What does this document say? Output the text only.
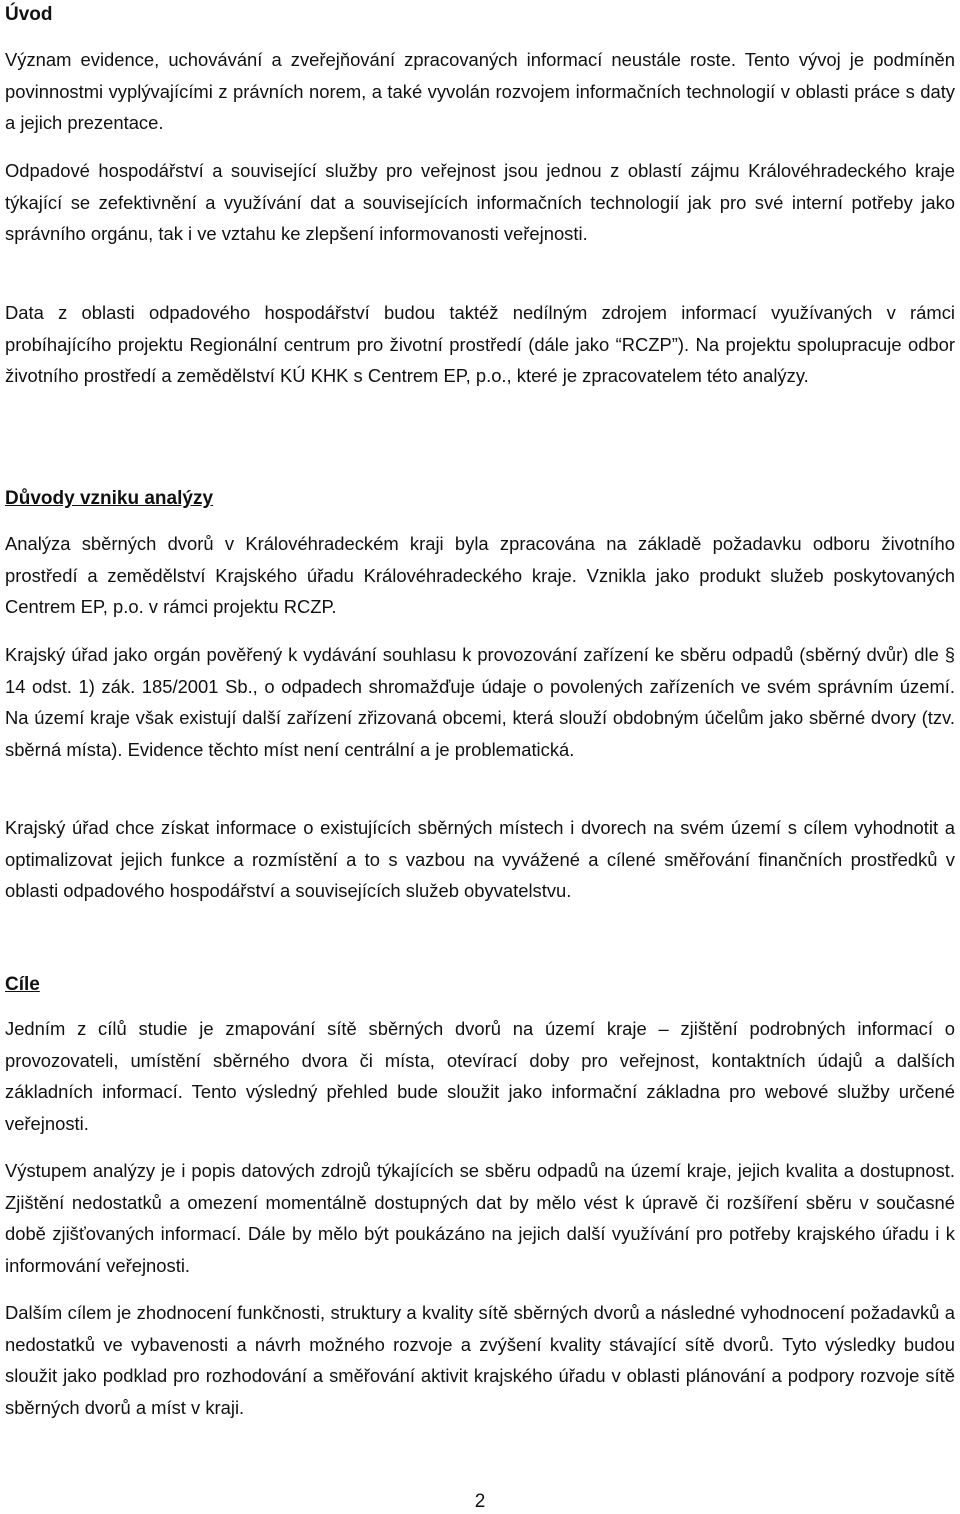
Úvod

Význam evidence, uchovávání a zveřejňování zpracovaných informací neustále roste. Tento vývoj je podmíněn povinnostmi vyplývajícími z právních norem, a také vyvolán rozvojem informačních technologií v oblasti práce s daty a jejich prezentace.

Odpadové hospodářství a související služby pro veřejnost jsou jednou z oblastí zájmu Královéhradeckého kraje týkající se zefektivnění a využívání dat a souvisejících informačních technologií jak pro své interní potřeby jako správního orgánu, tak i ve vztahu ke zlepšení informovanosti veřejnosti.

Data z oblasti odpadového hospodářství budou taktéž nedílným zdrojem informací využívaných v rámci probíhajícího projektu Regionální centrum pro životní prostředí (dále jako “RCZP”). Na projektu spolupracuje odbor životního prostředí a zemědělství KÚ KHK s Centrem EP, p.o., které je zpracovatelem této analýzy.

Důvody vzniku analýzy

Analýza sběrných dvorů v Královéhradeckém kraji byla zpracována na základě požadavku odboru životního prostředí a zemědělství Krajského úřadu Královéhradeckého kraje. Vznikla jako produkt služeb poskytovaných Centrem EP, p.o. v rámci projektu RCZP.

Krajský úřad jako orgán pověřený k vydávání souhlasu k provozování zařízení ke sběru odpadů (sběrný dvůr) dle § 14 odst. 1) zák. 185/2001 Sb., o odpadech shromažďuje údaje o povolených zařízeních ve svém správním území. Na území kraje však existují další zařízení zřizovaná obcemi, která slouží obdobným účelům jako sběrné dvory (tzv. sběrná místa). Evidence těchto míst není centrální a je problematická.

Krajský úřad chce získat informace o existujících sběrných místech i dvorech na svém území s cílem vyhodnotit a optimalizovat jejich funkce a rozmístění a to s vazbou na vyvážené a cílené směřování finančních prostředků v oblasti odpadového hospodářství a souvisejících služeb obyvatelstvu.

Cíle

Jedním z cílů studie je zmapování sítě sběrných dvorů na území kraje – zjištění podrobných informací o provozovateli, umístění sběrného dvora či místa, otevírací doby pro veřejnost, kontaktních údajů a dalších základních informací. Tento výsledný přehled bude sloužit jako informační základna pro webové služby určené veřejnosti.

Výstupem analýzy je i popis datových zdrojů týkajících se sběru odpadů na území kraje, jejich kvalita a dostupnost. Zjištění nedostatků a omezení momentálně dostupných dat by mělo vést k úpravě či rozšíření sběru v současné době zjišťovaných informací. Dále by mělo být poukázáno na jejich další využívání pro potřeby krajského úřadu i k informování veřejnosti.

Dalším cílem je zhodnocení funkčnosti, struktury a kvality sítě sběrných dvorů a následné vyhodnocení požadavků a nedostatků ve vybavenosti a návrh možného rozvoje a zvýšení kvality stávající sítě dvorů. Tyto výsledky budou sloužit jako podklad pro rozhodování a směřování aktivit krajského úřadu v oblasti plánování a podpory rozvoje sítě sběrných dvorů a míst v kraji.

2
